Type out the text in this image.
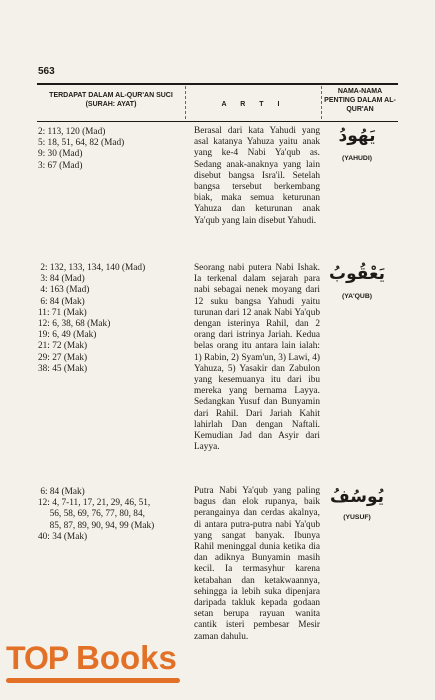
563
TERDAPAT DALAM AL-QUR'AN SUCI (SURAH: AYAT)	A R T I
NAMA-NAMA PENTING DALAM AL-QUR'AN
2: 113, 120 (Mad)
5: 18, 51, 64, 82 (Mad)
9: 30 (Mad)
3: 67 (Mad)
Berasal dari kata Yahudi yang asal katanya Yahuza yaitu anak yang ke-4 Nabi Ya'qub as. Sedang anak-anaknya yang lain disebut bangsa Isra'il. Setelah bangsa tersebut berkembang biak, maka semua keturunan Yahuza dan keturunan anak Ya'qub yang lain disebut Yahudi.
يَهُودُ
(YAHUDI)
2: 132, 133, 134, 140 (Mad)
3: 84 (Mad)
4: 163 (Mad)
6: 84 (Mak)
11: 71 (Mak)
12: 6, 38, 68 (Mak)
19: 6, 49 (Mak)
21: 72 (Mak)
29: 27 (Mak)
38: 45 (Mak)
Seorang nabi putera Nabi Ishak. Ia terkenal dalam sejarah para nabi sebagai nenek moyang dari 12 suku bangsa Yahudi yaitu turunan dari 12 anak Nabi Ya'qub dengan isterinya Rahil, dan 2 orang dari istrinya Jariah. Kedua belas orang itu antara lain ialah: 1) Rabin, 2) Syam'un, 3) Lawi, 4) Yahuza, 5) Yasakir dan Zabulon yang kesemuanya itu dari ibu mereka yang bernama Layya. Sedangkan Yusuf dan Bunyamin dari Rahil. Dari Jariah Kahit lahirlah Dan dengan Naftali. Kemudian Jad dan Asyir dari Layya.
يَعْقُوبُ
(YA'QUB)
6: 84 (Mak)
12: 4, 7-11, 17, 21, 29, 46, 51,
56, 58, 69, 76, 77, 80, 84,
85, 87, 89, 90, 94, 99 (Mak)
40: 34 (Mak)
Putra Nabi Ya'qub yang paling bagus dan elok rupanya, baik perangainya dan cerdas akalnya, di antara putra-putra nabi Ya'qub yang sangat banyak. Ibunya Rahil meninggal dunia ketika dia dan adiknya Bunyamin masih kecil. Ia termasyhur karena ketabahan dan ketakwaannya, sehingga ia lebih suka dipenjara daripada takluk kepada godaan setan berupa rayuan wanita cantik isteri pembesar Mesir zaman dahulu.
يُوسُفُ
(YUSUF)
TOP Books
